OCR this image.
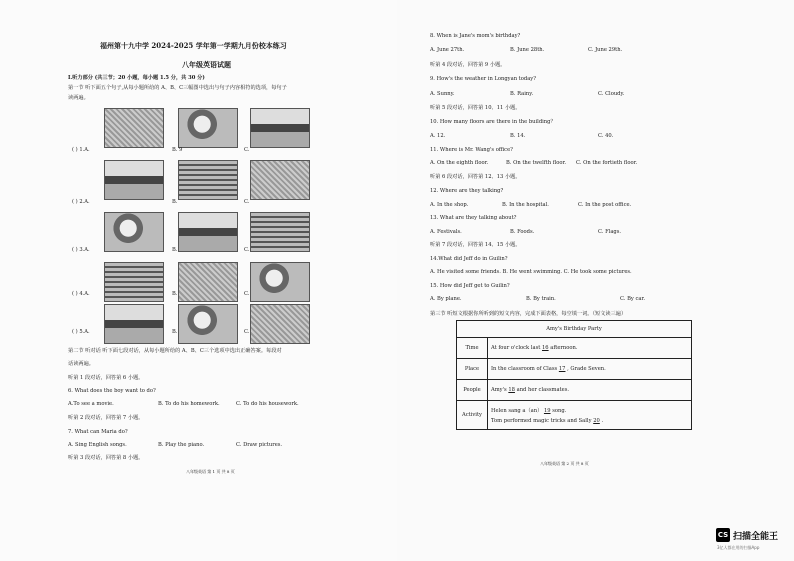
福州第十九中学 2024-2025 学年第一学期九月份校本练习
八年级英语试题
I.听力部分 (共三节；20 小题，每小题 1.5 分，共 30 分)
第一节 听下面五个句子,从每小题所给的 A、B、C三幅图中选出与句子内容相符的选项，每句子
读两遍。
( ) 1.A.	B. 9	C.
( ) 2.A.	B.	C.
( ) 3.A.	B.	C.
( ) 4.A.	B.	C.
( ) 5.A.	B.	C.
第二节 听对话 听下面七段对话，从每小题所给的 A、B、C三个选项中选出正确答案。每段对
话读两遍。
听第 1 段对话，回答第 6 小题。
6. What does the boy want to do?
A.To see a movie.	B. To do his homework.	C. To do his housework.
听第 2 段对话，回答第 7 小题。
7. What can Maria do?
A. Sing English songs.	B. Play the piano.	C. Draw pictures.
听第 3 段对话，回答第 8 小题。
八年级英语 第 1 页 共 8 页
8. When is Jane's mom's birthday?
A. June 27th.	B. June 28th.	C. June 29th.
听第 4 段对话，回答第 9 小题。
9. How's the weather in Longyan today?
A. Sunny.	B. Rainy.	C. Cloudy.
听第 5 段对话，回答第 10、11 小题。
10. How many floors are there in the building？
A. 12.	B. 14.	C. 40.
11. Where is Mr. Wang's office?
A. On the eighth floor.	B. On the twelfth floor. C. On the fortieth floor.
听第 6 段对话，回答第 12、13 小题。
12. Where are they talking?
A. In the shop.	B. In the hospital.	C. In the post office.
13. What are they talking about?
A. Festivals.	B. Foods.	C. Flags.
听第 7 段对话，回答第 14、15 小题。
14.What did Jeff do in Guilin?
A. He visited some friends. B. He went swimming. C. He took some pictures.
15. How did Jeff get to Guilin?
A. By plane.	B. By train.	C. By car.
第三节 听短文根据你所听到的短文内容，完成下面表格，每空填一词。（短文读三遍）
Amy's Birthday Party	
Time	At four o'clock last 16 afternoon.
Place	In the classroom of Class 17 , Grade Seven.
People	Amy's 18 and her classmates.
Activity	Helen sang a（an） 19 song.
Tom performed magic tricks and Sally 20 .
八年级英语 第 2 页 共 8 页
CS 扫描全能王
3亿人都在用的扫描App
